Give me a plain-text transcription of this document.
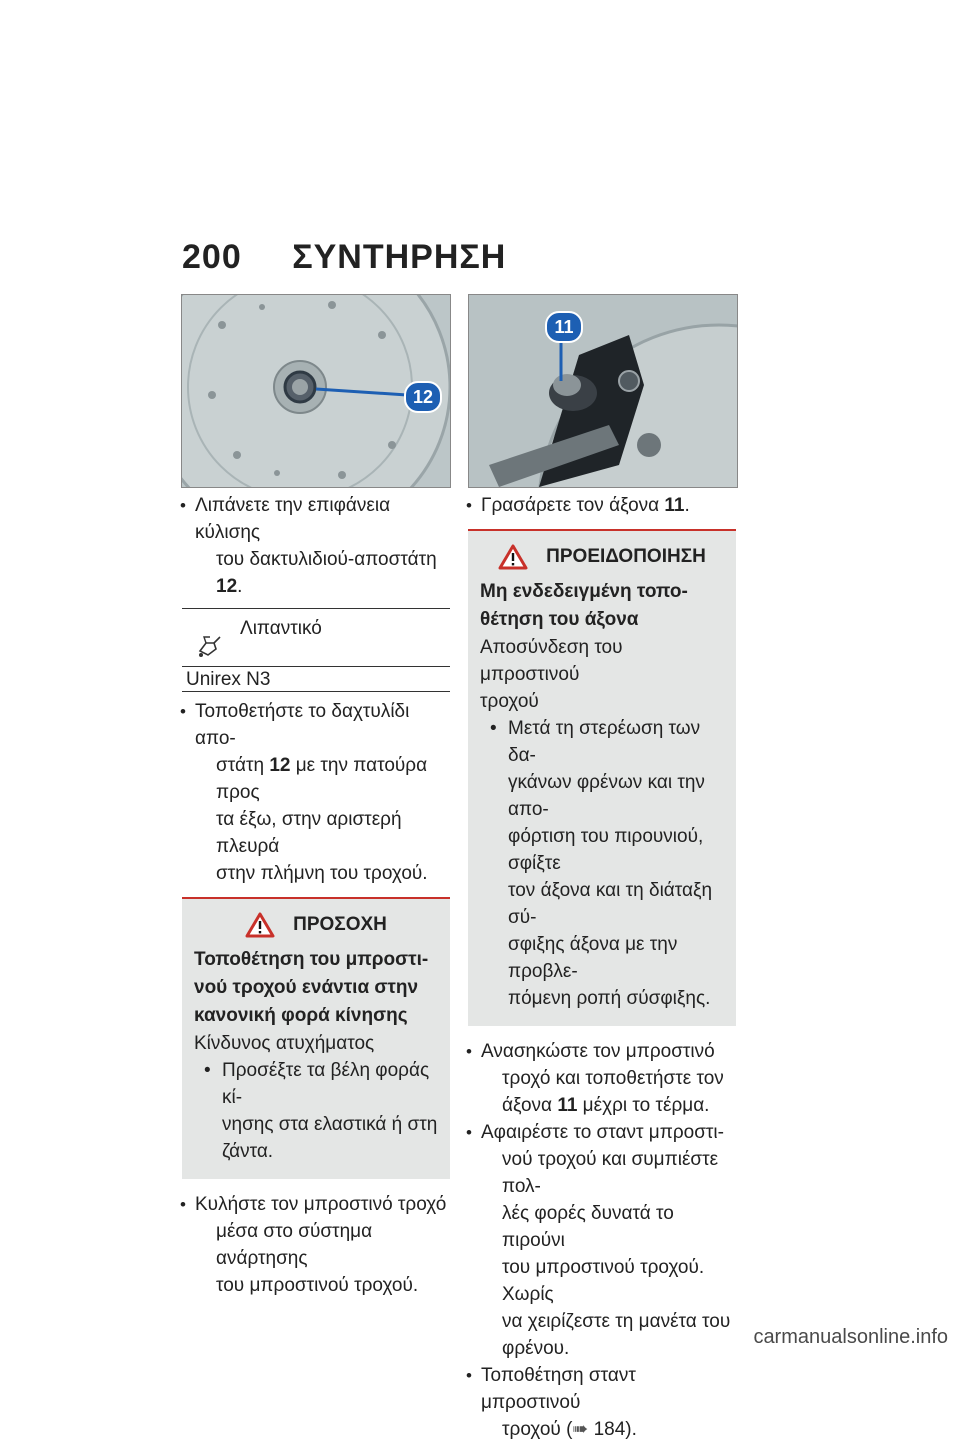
200 ΣΥΝΤΗΡΗΣΗ
12
11
• Λιπάνετε την επιφάνεια κύλισης
του δακτυλιδιού-αποστάτη 12.
Λιπαντικό
Unirex N3
• Τοποθετήστε το δαχτυλίδι απο-
στάτη 12 με την πατούρα προς
τα έξω, στην αριστερή πλευρά
στην πλήμνη του τροχού.
ΠΡΟΣΟΧΗ
Τοποθέτηση του μπροστι-
νού τροχού ενάντια στην
κανονική φορά κίνησης
Κίνδυνος ατυχήματος
• Προσέξτε τα βέλη φοράς κί-
νησης στα ελαστικά ή στη
ζάντα.
• Κυλήστε τον μπροστινό τροχό
μέσα στο σύστημα ανάρτησης
του μπροστινού τροχού.
• Γρασάρετε τον άξονα 11.
ΠΡΟΕΙΔΟΠΟΙΗΣΗ
Μη ενδεδειγμένη τοπο-
θέτηση του άξονα
Αποσύνδεση του μπροστινού
τροχού
• Μετά τη στερέωση των δα-
γκάνων φρένων και την απο-
φόρτιση του πιρουνιού, σφίξτε
τον άξονα και τη διάταξη σύ-
σφιξης άξονα με την προβλε-
πόμενη ροπή σύσφιξης.
• Ανασηκώστε τον μπροστινό
τροχό και τοποθετήστε τον
άξονα 11 μέχρι το τέρμα.
• Αφαιρέστε το σταντ μπροστι-
νού τροχού και συμπιέστε πολ-
λές φορές δυνατά το πιρούνι
του μπροστινού τροχού. Χωρίς
να χειρίζεστε τη μανέτα του
φρένου.
• Τοποθέτηση σταντ μπροστινού
τροχού (➠ 184).
carmanualsonline.info
